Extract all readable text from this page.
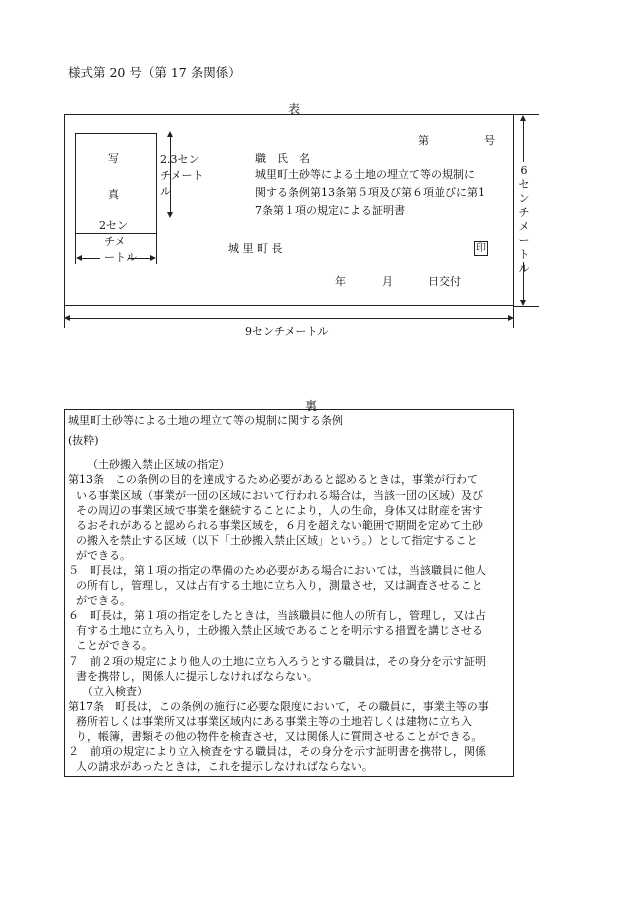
様式第 20 号（第 17 条関係）
表
第	号
写
真
2.3セン
チメート
ル
2セン
チメ
ートル
職　氏　名
城里町土砂等による土地の埋立て等の規制に
関する条例第13条第５項及び第６項並びに第1
7条第１項の規定による証明書
城 里 町 長	印
年	月	日交付
6
セ
ン
チ
メ
ー
ト
ル
9センチメートル
裏
城里町土砂等による土地の埋立て等の規制に関する条例
(抜粋)
（土砂搬入禁止区域の指定）
第13条　この条例の目的を達成するため必要があると認めるときは，事業が行わて
いる事業区域（事業が一団の区域において行われる場合は，当該一団の区域）及び
その周辺の事業区域で事業を継続することにより，人の生命，身体又は財産を害す
るおそれがあると認められる事業区域を，６月を超えない範囲で期間を定めて土砂
の搬入を禁止する区域（以下「土砂搬入禁止区域」という。）として指定すること
ができる。
５　町長は，第１項の指定の準備のため必要がある場合においては，当該職員に他人
の所有し，管理し，又は占有する土地に立ち入り，測量させ，又は調査させること
ができる。
６　町長は，第１項の指定をしたときは，当該職員に他人の所有し，管理し，又は占
有する土地に立ち入り，土砂搬入禁止区域であることを明示する措置を講じさせる
ことができる。
７　前２項の規定により他人の土地に立ち入ろうとする職員は，その身分を示す証明
書を携帯し，関係人に提示しなければならない。
（立入検査）
第17条　町長は，この条例の施行に必要な限度において，その職員に，事業主等の事
務所若しくは事業所又は事業区域内にある事業主等の土地若しくは建物に立ち入
り，帳簿，書類その他の物件を検査させ，又は関係人に質問させることができる。
２　前項の規定により立入検査をする職員は，その身分を示す証明書を携帯し，関係
人の請求があったときは，これを提示しなければならない。
